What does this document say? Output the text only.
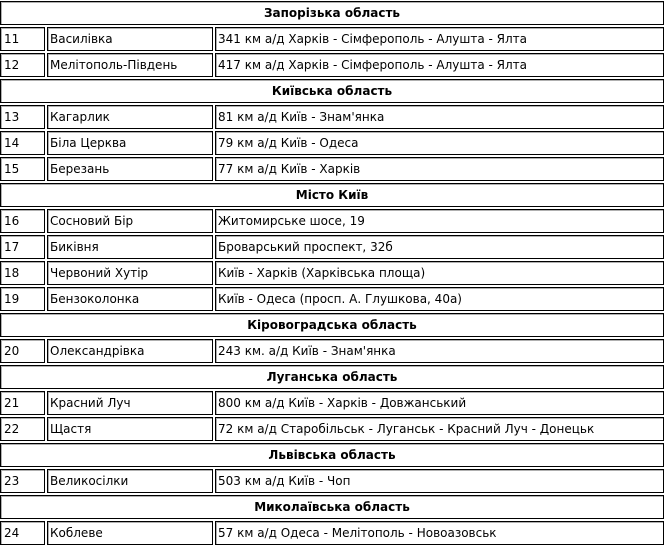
Запорізька область		
11	Василівка	341 км а/д Харків - Сімферополь - Алушта - Ялта
12	Мелітополь-Південь	417 км а/д Харків - Сімферополь - Алушта - Ялта
Київська область		
13	Кагарлик	81 км а/д Київ - Знам'янка
14	Біла Церква	79 км а/д Київ - Одеса
15	Березань	77 км а/д Київ - Харків
Місто Київ		
16	Сосновий Бір	Житомирське шосе, 19
17	Биківня	Броварський проспект, 32б
18	Червоний Хутір	Київ - Харків (Харківська площа)
19	Бензоколонка	Київ - Одеса (просп. А. Глушкова, 40а)
Кіровоградська область		
20	Олександрівка	243 км. а/д Київ - Знам'янка
Луганська область		
21	Красний Луч	800 км а/д Київ - Харків - Довжанський
22	Щастя	72 км а/д Старобільськ - Луганськ - Красний Луч - Донецьк
Львівська область		
23	Великосілки	503 км а/д Київ - Чоп
Миколаївська область		
24	Коблеве	57 км а/д Одеса - Мелітополь - Новоазовськ
